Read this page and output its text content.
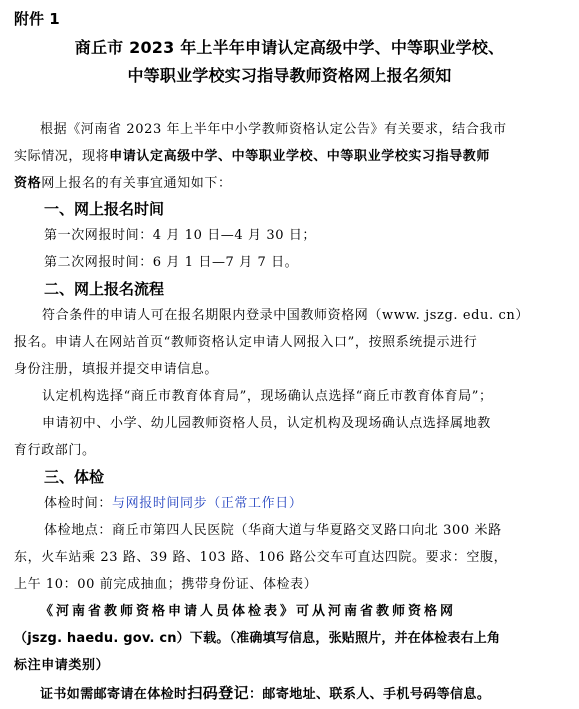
附件 1
商丘市 2023 年上半年申请认定高级中学、中等职业学校、
中等职业学校实习指导教师资格网上报名须知
根据《河南省 2023 年上半年中小学教师资格认定公告》有关要求，结合我市
实际情况，现将申请认定高级中学、中等职业学校、中等职业学校实习指导教师
资格网上报名的有关事宜通知如下：
一、网上报名时间
第一次网报时间：4 月 10 日—4 月 30 日；
第二次网报时间：6 月 1 日—7 月 7 日。
二、网上报名流程
符合条件的申请人可在报名期限内登录中国教师资格网（www. jszg. edu. cn）
报名。申请人在网站首页“教师资格认定申请人网报入口”，按照系统提示进行
身份注册，填报并提交申请信息。
认定机构选择“商丘市教育体育局”，现场确认点选择“商丘市教育体育局”；
申请初中、小学、幼儿园教师资格人员，认定机构及现场确认点选择属地教
育行政部门。
三、体检
体检时间：与网报时间同步（正常工作日）
体检地点：商丘市第四人民医院（华商大道与华夏路交叉路口向北 300 米路
东，火车站乘 23 路、39 路、103 路、106 路公交车可直达四院。要求：空腹，
上午 10：00 前完成抽血；携带身份证、体检表）
《河南省教师资格申请人员体检表》可从河南省教师资格网
（jszg. haedu. gov. cn）下载。（准确填写信息，张贴照片，并在体检表右上角
标注申请类别）
证书如需邮寄请在体检时扫码登记：邮寄地址、联系人、手机号码等信息。
